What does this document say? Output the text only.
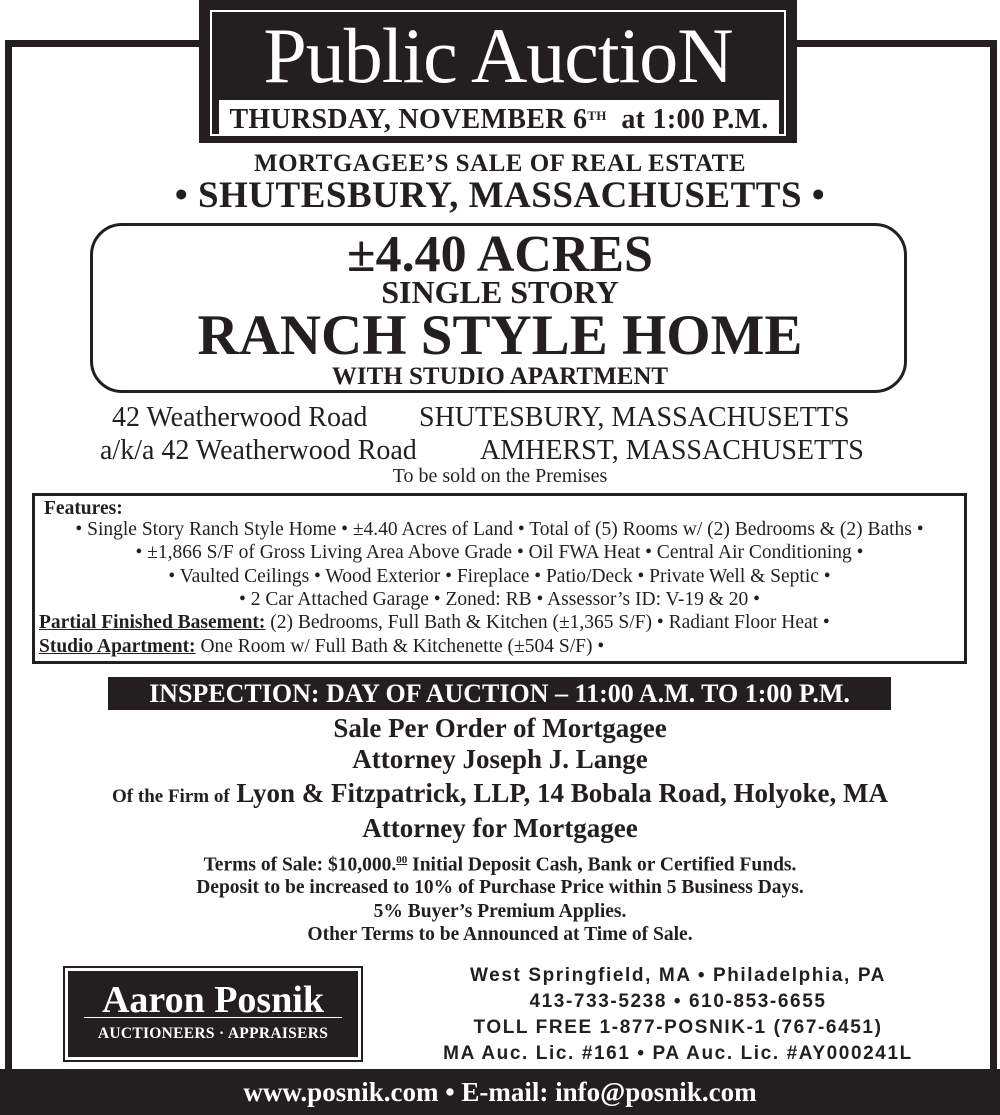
Public AuctioN
THURSDAY, NOVEMBER 6TH at 1:00 P.M.
MORTGAGEE’S SALE OF REAL ESTATE
• SHUTESBURY, MASSACHUSETTS •
±4.40 ACRES
SINGLE STORY
RANCH STYLE HOME
WITH STUDIO APARTMENT
42 Weatherwood Road SHUTESBURY, MASSACHUSETTS
a/k/a 42 Weatherwood Road AMHERST, MASSACHUSETTS
To be sold on the Premises
Features:
• Single Story Ranch Style Home • ±4.40 Acres of Land • Total of (5) Rooms w/ (2) Bedrooms & (2) Baths •
• ±1,866 S/F of Gross Living Area Above Grade • Oil FWA Heat • Central Air Conditioning •
• Vaulted Ceilings • Wood Exterior • Fireplace • Patio/Deck • Private Well & Septic •
• 2 Car Attached Garage • Zoned: RB • Assessor’s ID: V-19 & 20 •
Partial Finished Basement: (2) Bedrooms, Full Bath & Kitchen (±1,365 S/F) • Radiant Floor Heat •
Studio Apartment: One Room w/ Full Bath & Kitchenette (±504 S/F) •
INSPECTION: DAY OF AUCTION – 11:00 A.M. TO 1:00 P.M.
Sale Per Order of Mortgagee
Attorney Joseph J. Lange
Of the Firm of Lyon & Fitzpatrick, LLP, 14 Bobala Road, Holyoke, MA
Attorney for Mortgagee
Terms of Sale: $10,000.00 Initial Deposit Cash, Bank or Certified Funds.
Deposit to be increased to 10% of Purchase Price within 5 Business Days.
5% Buyer’s Premium Applies.
Other Terms to be Announced at Time of Sale.
Aaron Posnik
AUCTIONEERS · APPRAISERS
West Springfield, MA • Philadelphia, PA
413-733-5238 • 610-853-6655
TOLL FREE 1-877-POSNIK-1 (767-6451)
MA Auc. Lic. #161 • PA Auc. Lic. #AY000241L
www.posnik.com • E-mail: info@posnik.com
